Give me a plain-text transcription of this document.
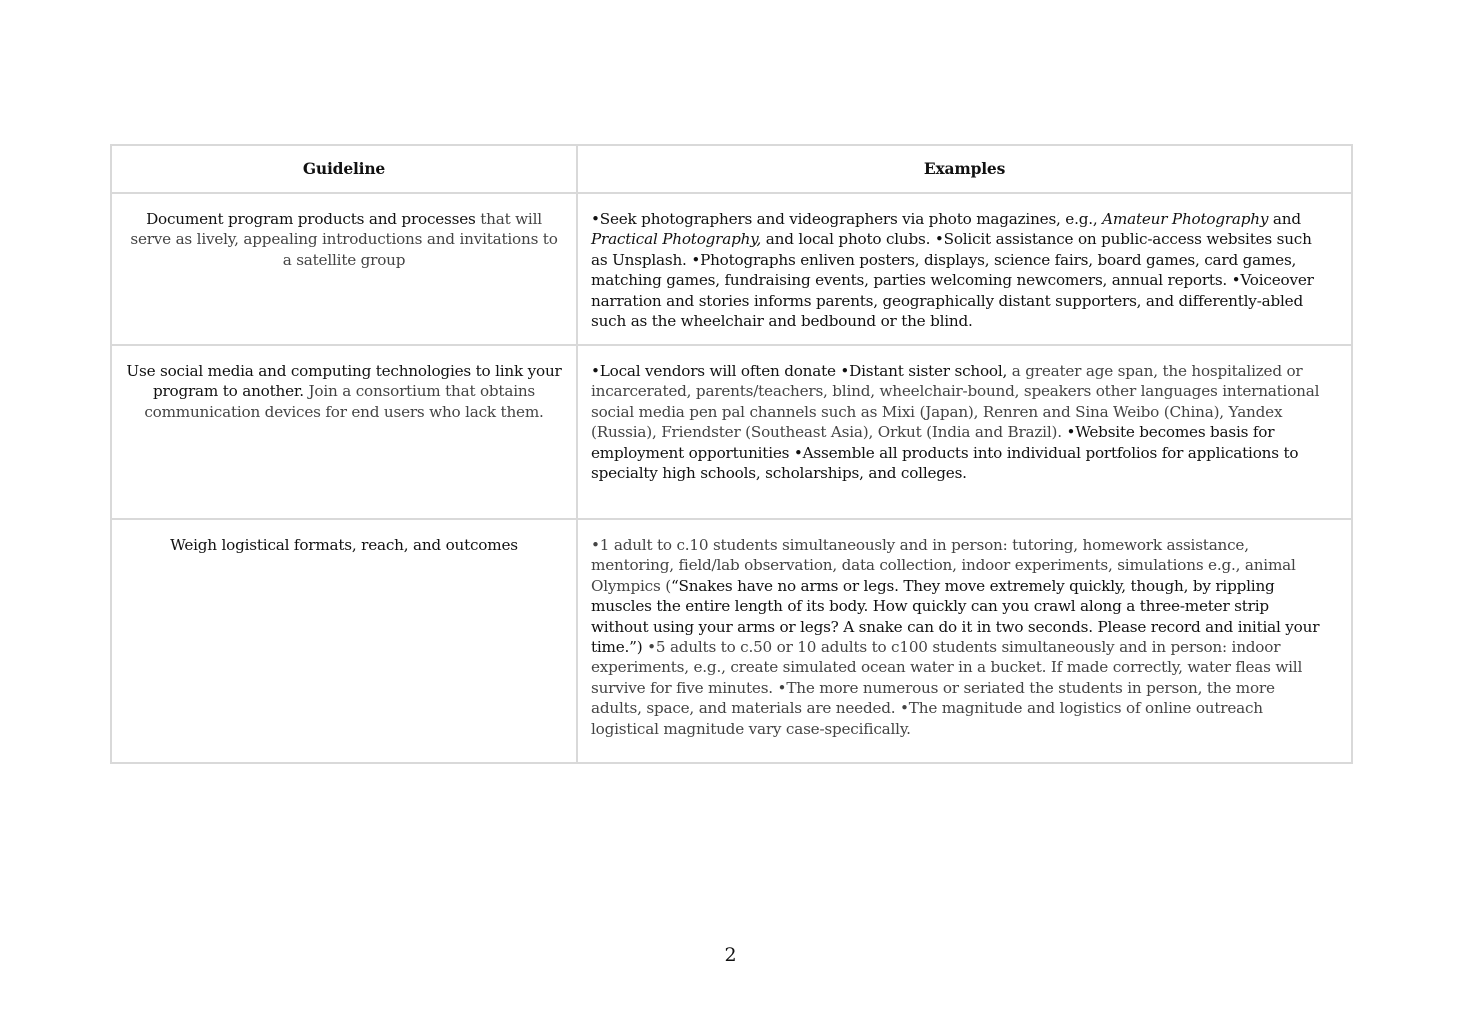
Guideline	Examples
Document program products and processes that will serve as lively, appealing introductions and invitations to a satellite group	•Seek photographers and videographers via photo magazines, e.g., Amateur Photography and Practical Photography, and local photo clubs. •Solicit assistance on public-access websites such as Unsplash. •Photographs enliven posters, displays, science fairs, board games, card games, matching games, fundraising events, parties welcoming newcomers, annual reports. •Voiceover narration and stories informs parents, geographically distant supporters, and differently-abled such as the wheelchair and bedbound or the blind.
Use social media and computing technologies to link your program to another. Join a consortium that obtains communication devices for end users who lack them.	•Local vendors will often donate •Distant sister school, a greater age span, the hospitalized or incarcerated, parents/teachers, blind, wheelchair-bound, speakers other languages international social media pen pal channels such as Mixi (Japan), Renren and Sina Weibo (China), Yandex (Russia), Friendster (Southeast Asia), Orkut (India and Brazil). •Website becomes basis for employment opportunities •Assemble all products into individual portfolios for applications to specialty high schools, scholarships, and colleges.
Weigh logistical formats, reach, and outcomes	•1 adult to c.10 students simultaneously and in person: tutoring, homework assistance, mentoring, field/lab observation, data collection, indoor experiments, simulations e.g., animal Olympics (“Snakes have no arms or legs. They move extremely quickly, though, by rippling muscles the entire length of its body. How quickly can you crawl along a three-meter strip without using your arms or legs? A snake can do it in two seconds. Please record and initial your time.”) •5 adults to c.50 or 10 adults to c100 students simultaneously and in person: indoor experiments, e.g., create simulated ocean water in a bucket. If made correctly, water fleas will survive for five minutes. •The more numerous or seriated the students in person, the more adults, space, and materials are needed. •The magnitude and logistics of online outreach logistical magnitude vary case-specifically.
2
